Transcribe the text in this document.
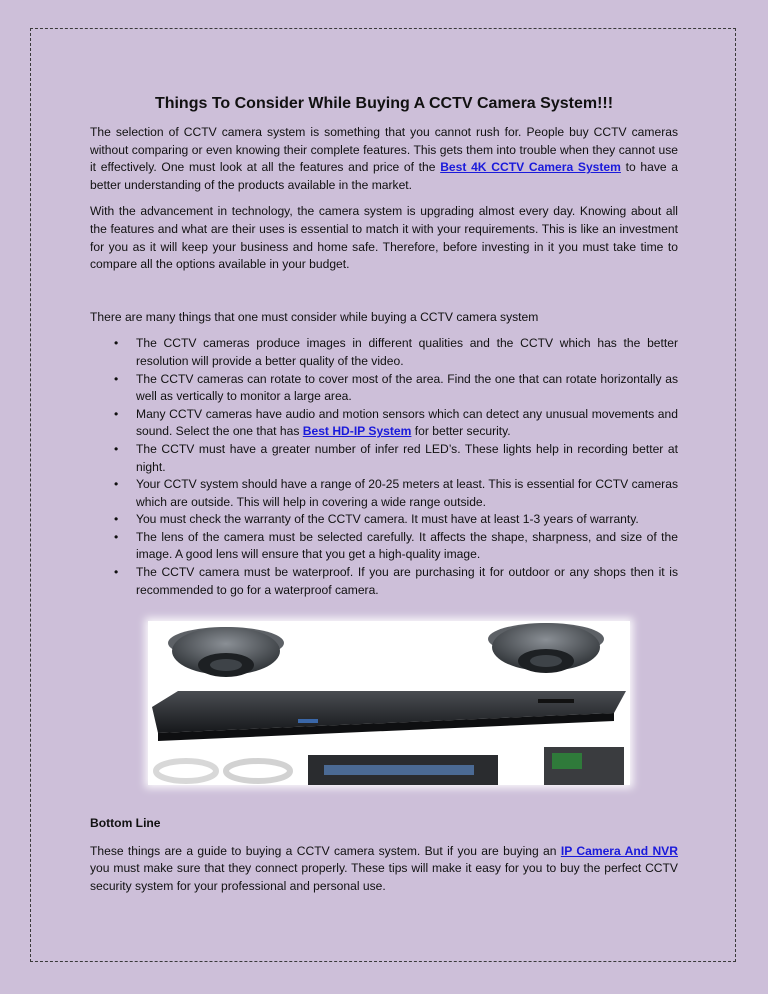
Things To Consider While Buying A CCTV Camera System!!!

The selection of CCTV camera system is something that you cannot rush for. People buy CCTV cameras without comparing or even knowing their complete features. This gets them into trouble when they cannot use it effectively. One must look at all the features and price of the Best 4K CCTV Camera System to have a better understanding of the products available in the market.

With the advancement in technology, the camera system is upgrading almost every day. Knowing about all the features and what are their uses is essential to match it with your requirements. This is like an investment for you as it will keep your business and home safe. Therefore, before investing in it you must take time to compare all the options available in your budget.

There are many things that one must consider while buying a CCTV camera system

• The CCTV cameras produce images in different qualities and the CCTV which has the better resolution will provide a better quality of the video.
• The CCTV cameras can rotate to cover most of the area. Find the one that can rotate horizontally as well as vertically to monitor a large area.
• Many CCTV cameras have audio and motion sensors which can detect any unusual movements and sound. Select the one that has Best HD-IP System for better security.
• The CCTV must have a greater number of infer red LED’s. These lights help in recording better at night.
• Your CCTV system should have a range of 20-25 meters at least. This is essential for CCTV cameras which are outside. This will help in covering a wide range outside.
• You must check the warranty of the CCTV camera. It must have at least 1-3 years of warranty.
• The lens of the camera must be selected carefully. It affects the shape, sharpness, and size of the image. A good lens will ensure that you get a high-quality image.
• The CCTV camera must be waterproof. If you are purchasing it for outdoor or any shops then it is recommended to go for a waterproof camera.
Bottom Line

These things are a guide to buying a CCTV camera system. But if you are buying an IP Camera And NVR you must make sure that they connect properly. These tips will make it easy for you to buy the perfect CCTV security system for your professional and personal use.
